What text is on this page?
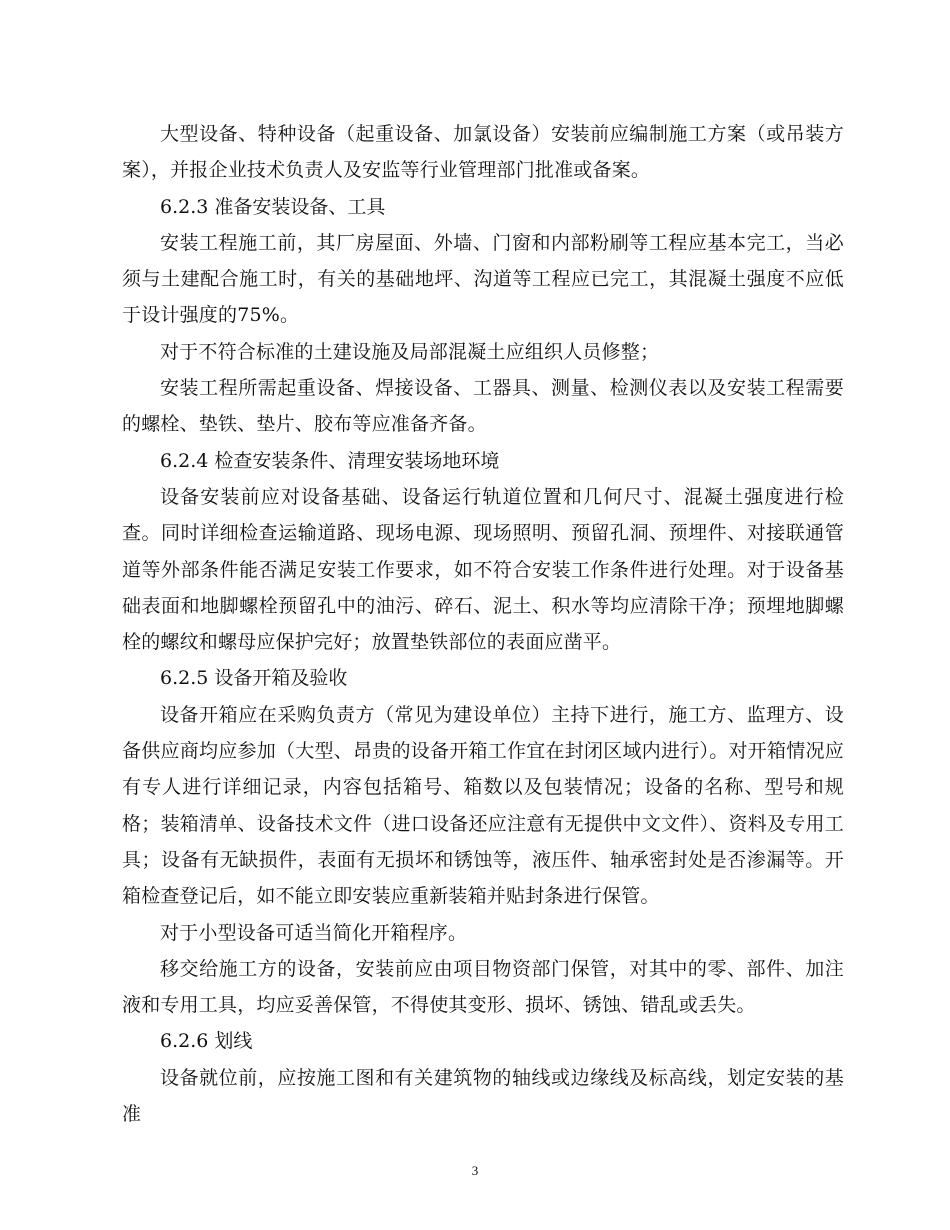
大型设备、特种设备（起重设备、加氯设备）安装前应编制施工方案（或吊装方案），并报企业技术负责人及安监等行业管理部门批准或备案。

6.2.3 准备安装设备、工具

安装工程施工前，其厂房屋面、外墙、门窗和内部粉刷等工程应基本完工，当必须与土建配合施工时，有关的基础地坪、沟道等工程应已完工，其混凝土强度不应低于设计强度的75%。

对于不符合标准的土建设施及局部混凝土应组织人员修整；

安装工程所需起重设备、焊接设备、工器具、测量、检测仪表以及安装工程需要的螺栓、垫铁、垫片、胶布等应准备齐备。

6.2.4 检查安装条件、清理安装场地环境

设备安装前应对设备基础、设备运行轨道位置和几何尺寸、混凝土强度进行检查。同时详细检查运输道路、现场电源、现场照明、预留孔洞、预埋件、对接联通管道等外部条件能否满足安装工作要求，如不符合安装工作条件进行处理。对于设备基础表面和地脚螺栓预留孔中的油污、碎石、泥土、积水等均应清除干净；预埋地脚螺栓的螺纹和螺母应保护完好；放置垫铁部位的表面应凿平。

6.2.5 设备开箱及验收

设备开箱应在采购负责方（常见为建设单位）主持下进行，施工方、监理方、设备供应商均应参加（大型、昂贵的设备开箱工作宜在封闭区域内进行）。对开箱情况应有专人进行详细记录，内容包括箱号、箱数以及包装情况；设备的名称、型号和规格；装箱清单、设备技术文件（进口设备还应注意有无提供中文文件）、资料及专用工具；设备有无缺损件，表面有无损坏和锈蚀等，液压件、轴承密封处是否渗漏等。开箱检查登记后，如不能立即安装应重新装箱并贴封条进行保管。

对于小型设备可适当简化开箱程序。

移交给施工方的设备，安装前应由项目物资部门保管，对其中的零、部件、加注液和专用工具，均应妥善保管，不得使其变形、损坏、锈蚀、错乱或丢失。

6.2.6 划线

设备就位前，应按施工图和有关建筑物的轴线或边缘线及标高线，划定安装的基准

3
